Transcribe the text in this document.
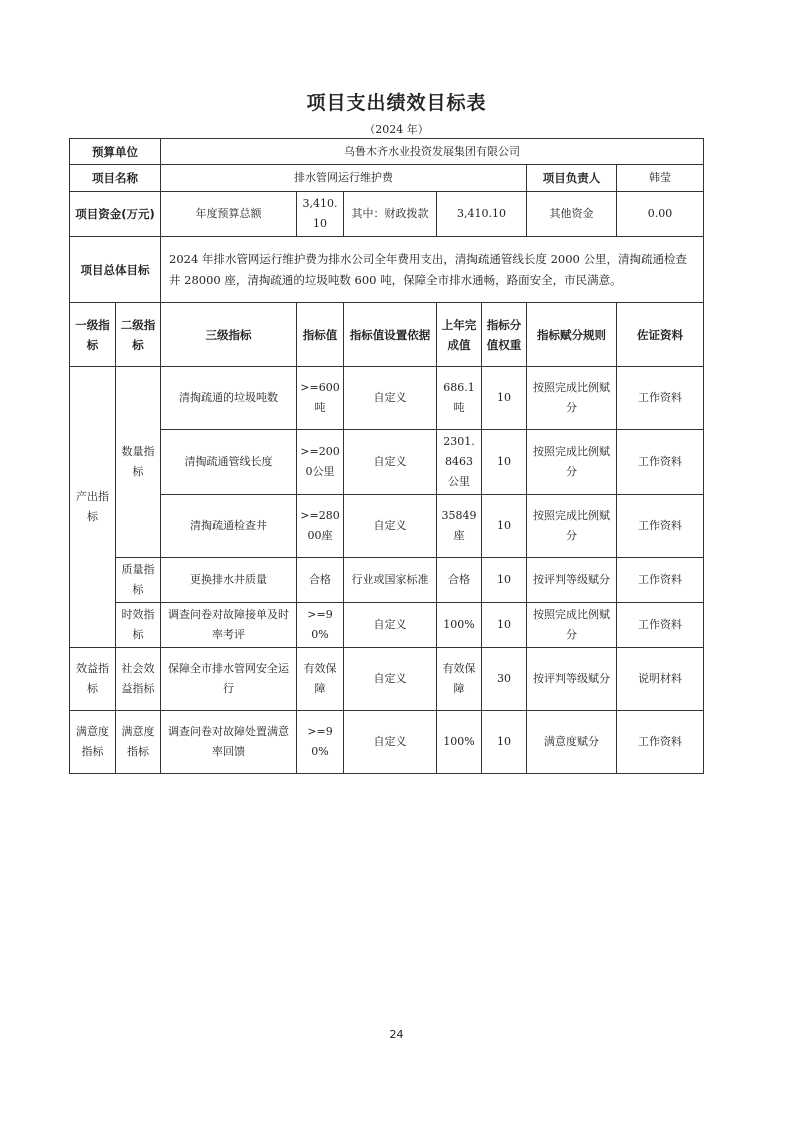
项目支出绩效目标表
（2024 年）
预算单位		乌鲁木齐水业投资发展集团有限公司						
项目名称		排水管网运行维护费					项目负责人	韩莹
项目资金(万元)		年度预算总额	3,410.10	其中：财政拨款	3,410.10		其他资金	0.00
项目总体目标		2024 年排水管网运行维护费为排水公司全年费用支出，清掏疏通管线长度 2000 公里，清掏疏通检查井 28000 座，清掏疏通的垃圾吨数 600 吨，保障全市排水通畅，路面安全，市民满意。						
一级指标	二级指标	三级指标	指标值	指标值设置依据	上年完成值	指标分值权重	指标赋分规则	佐证资料
产出指标	数量指标	清掏疏通的垃圾吨数	>=600吨	自定义	686.1吨	10	按照完成比例赋分	工作资料
		清掏疏通管线长度	>=2000公里	自定义	2301.8463公里	10	按照完成比例赋分	工作资料
		清掏疏通检查井	>=28000座	自定义	35849座	10	按照完成比例赋分	工作资料
	质量指标	更换排水井质量	合格	行业或国家标准	合格	10	按评判等级赋分	工作资料
	时效指标	调查问卷对故障接单及时率考评	>=90%	自定义	100%	10	按照完成比例赋分	工作资料
效益指标	社会效益指标	保障全市排水管网安全运行	有效保障	自定义	有效保障	30	按评判等级赋分	说明材料
满意度指标	满意度指标	调查问卷对故障处置满意率回馈	>=90%	自定义	100%	10	满意度赋分	工作资料
24
